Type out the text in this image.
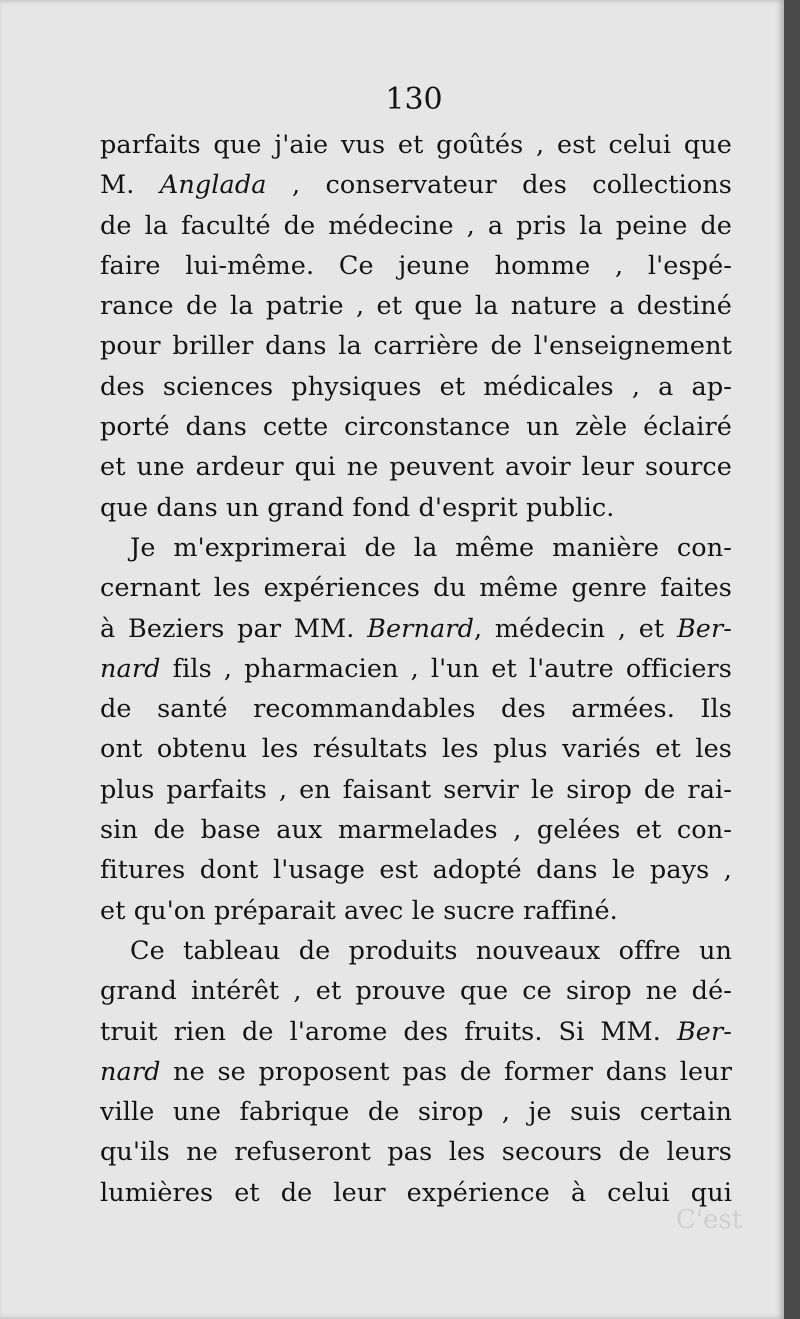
130
parfaits que j'aie vus et goûtés , est celui que
M. Anglada , conservateur des collections
de la faculté de médecine , a pris la peine de
faire lui-même. Ce jeune homme , l'espé-
rance de la patrie , et que la nature a destiné
pour briller dans la carrière de l'enseignement
des sciences physiques et médicales , a ap-
porté dans cette circonstance un zèle éclairé
et une ardeur qui ne peuvent avoir leur source
que dans un grand fond d'esprit public.
Je m'exprimerai de la même manière con-
cernant les expériences du même genre faites
à Beziers par MM. Bernard, médecin , et Ber-
nard fils , pharmacien , l'un et l'autre officiers
de santé recommandables des armées. Ils
ont obtenu les résultats les plus variés et les
plus parfaits , en faisant servir le sirop de rai-
sin de base aux marmelades , gelées et con-
fitures dont l'usage est adopté dans le pays ,
et qu'on préparait avec le sucre raffiné.
Ce tableau de produits nouveaux offre un
grand intérêt , et prouve que ce sirop ne dé-
truit rien de l'arome des fruits. Si MM. Ber-
nard ne se proposent pas de former dans leur
ville une fabrique de sirop , je suis certain
qu'ils ne refuseront pas les secours de leurs
lumières et de leur expérience à celui qui
C'est
